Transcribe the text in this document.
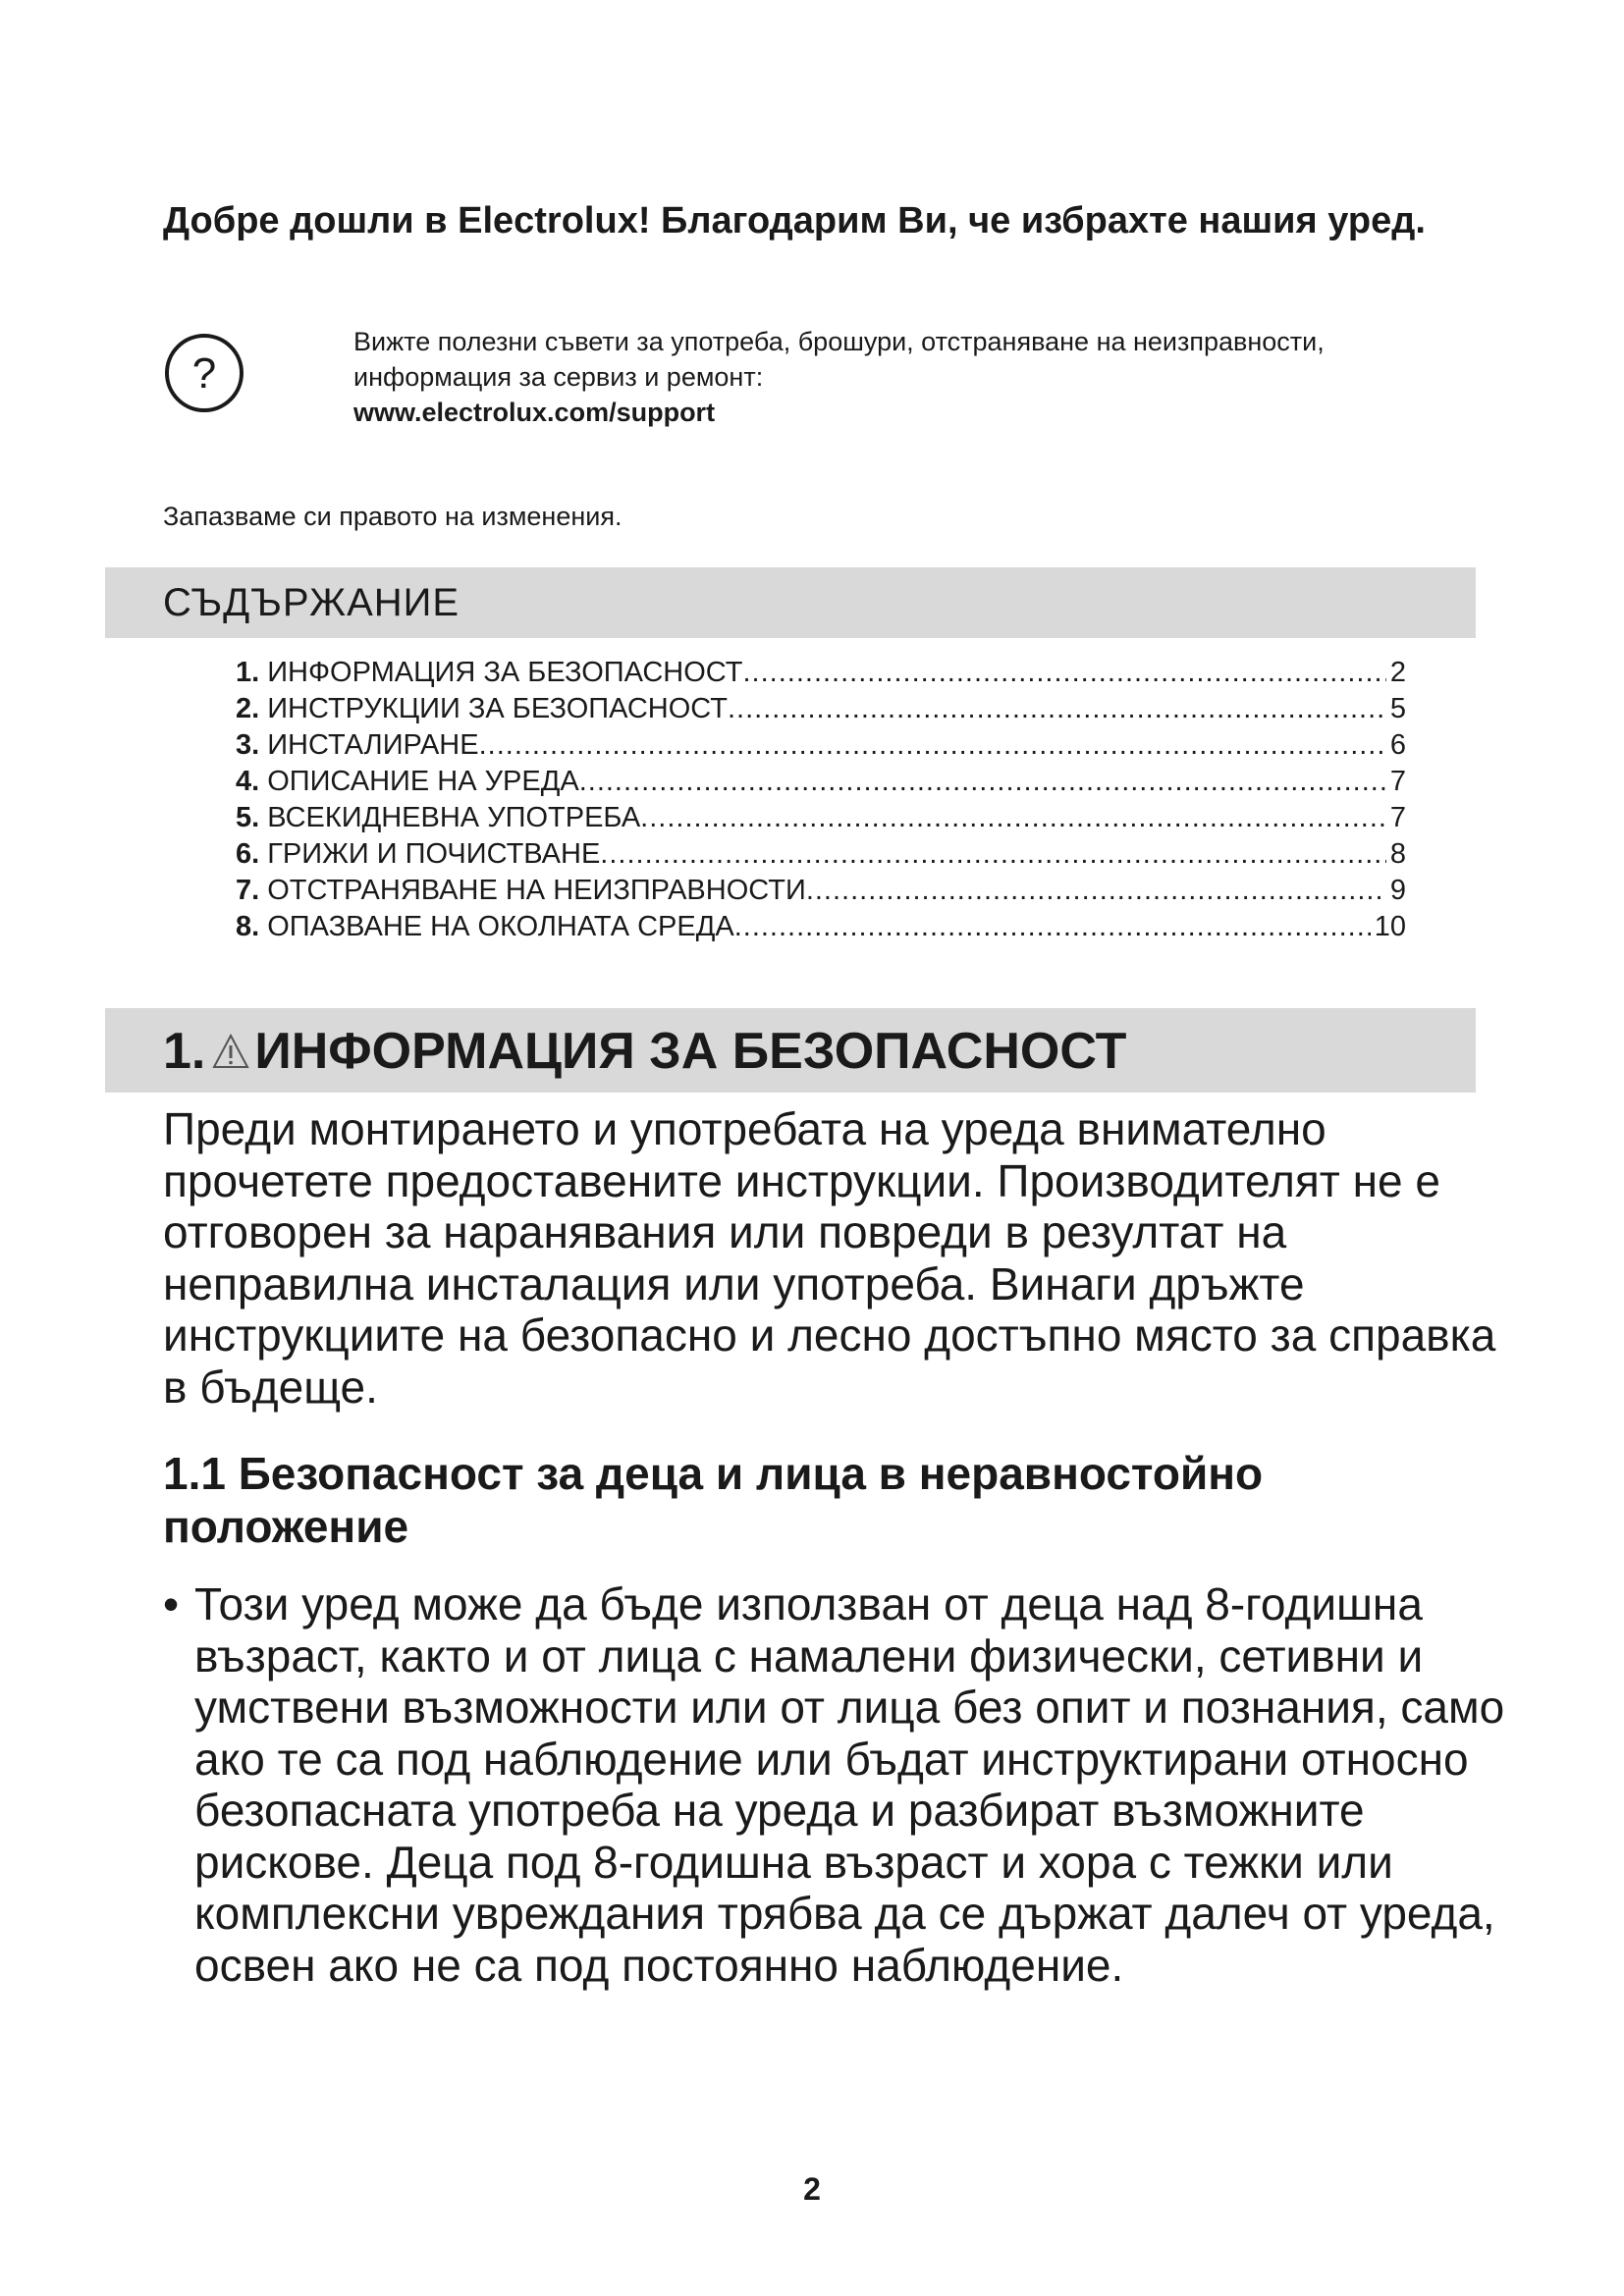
Добре дошли в Electrolux! Благодарим Ви, че избрахте нашия уред.
?
Вижте полезни съвети за употреба, брошури, отстраняване на неизправности, информация за сервиз и ремонт:
www.electrolux.com/support
Запазваме си правото на изменения.
СЪДЪРЖАНИЕ
1. ИНФОРМАЦИЯ ЗА БЕЗОПАСНОСТ .....	2
2. ИНСТРУКЦИИ ЗА БЕЗОПАСНОСТ .....	5
3. ИНСТАЛИРАНЕ .....	6
4. ОПИСАНИЕ НА УРЕДА .....	7
5. ВСЕКИДНЕВНА УПОТРЕБА .....	7
6. ГРИЖИ И ПОЧИСТВАНЕ .....	8
7. ОТСТРАНЯВАНЕ НА НЕИЗПРАВНОСТИ .....	9
8. ОПАЗВАНЕ НА ОКОЛНАТА СРЕДА .....	10
1. ИНФОРМАЦИЯ ЗА БЕЗОПАСНОСТ

Преди монтирането и употребата на уреда внимателно прочетете предоставените инструкции. Производителят не е отговорен за наранявания или повреди в резултат на неправилна инсталация или употреба. Винаги дръжте инструкциите на безопасно и лесно достъпно място за справка в бъдеще.

1.1 Безопасност за деца и лица в неравностойно положение
• Този уред може да бъде използван от деца над 8-годишна възраст, както и от лица с намалени физически, сетивни и умствени възможности или от лица без опит и познания, само ако те са под наблюдение или бъдат инструктирани относно безопасната употреба на уреда и разбират възможните рискове. Деца под 8-годишна възраст и хора с тежки или комплексни увреждания трябва да се държат далеч от уреда, освен ако не са под постоянно наблюдение.
2
